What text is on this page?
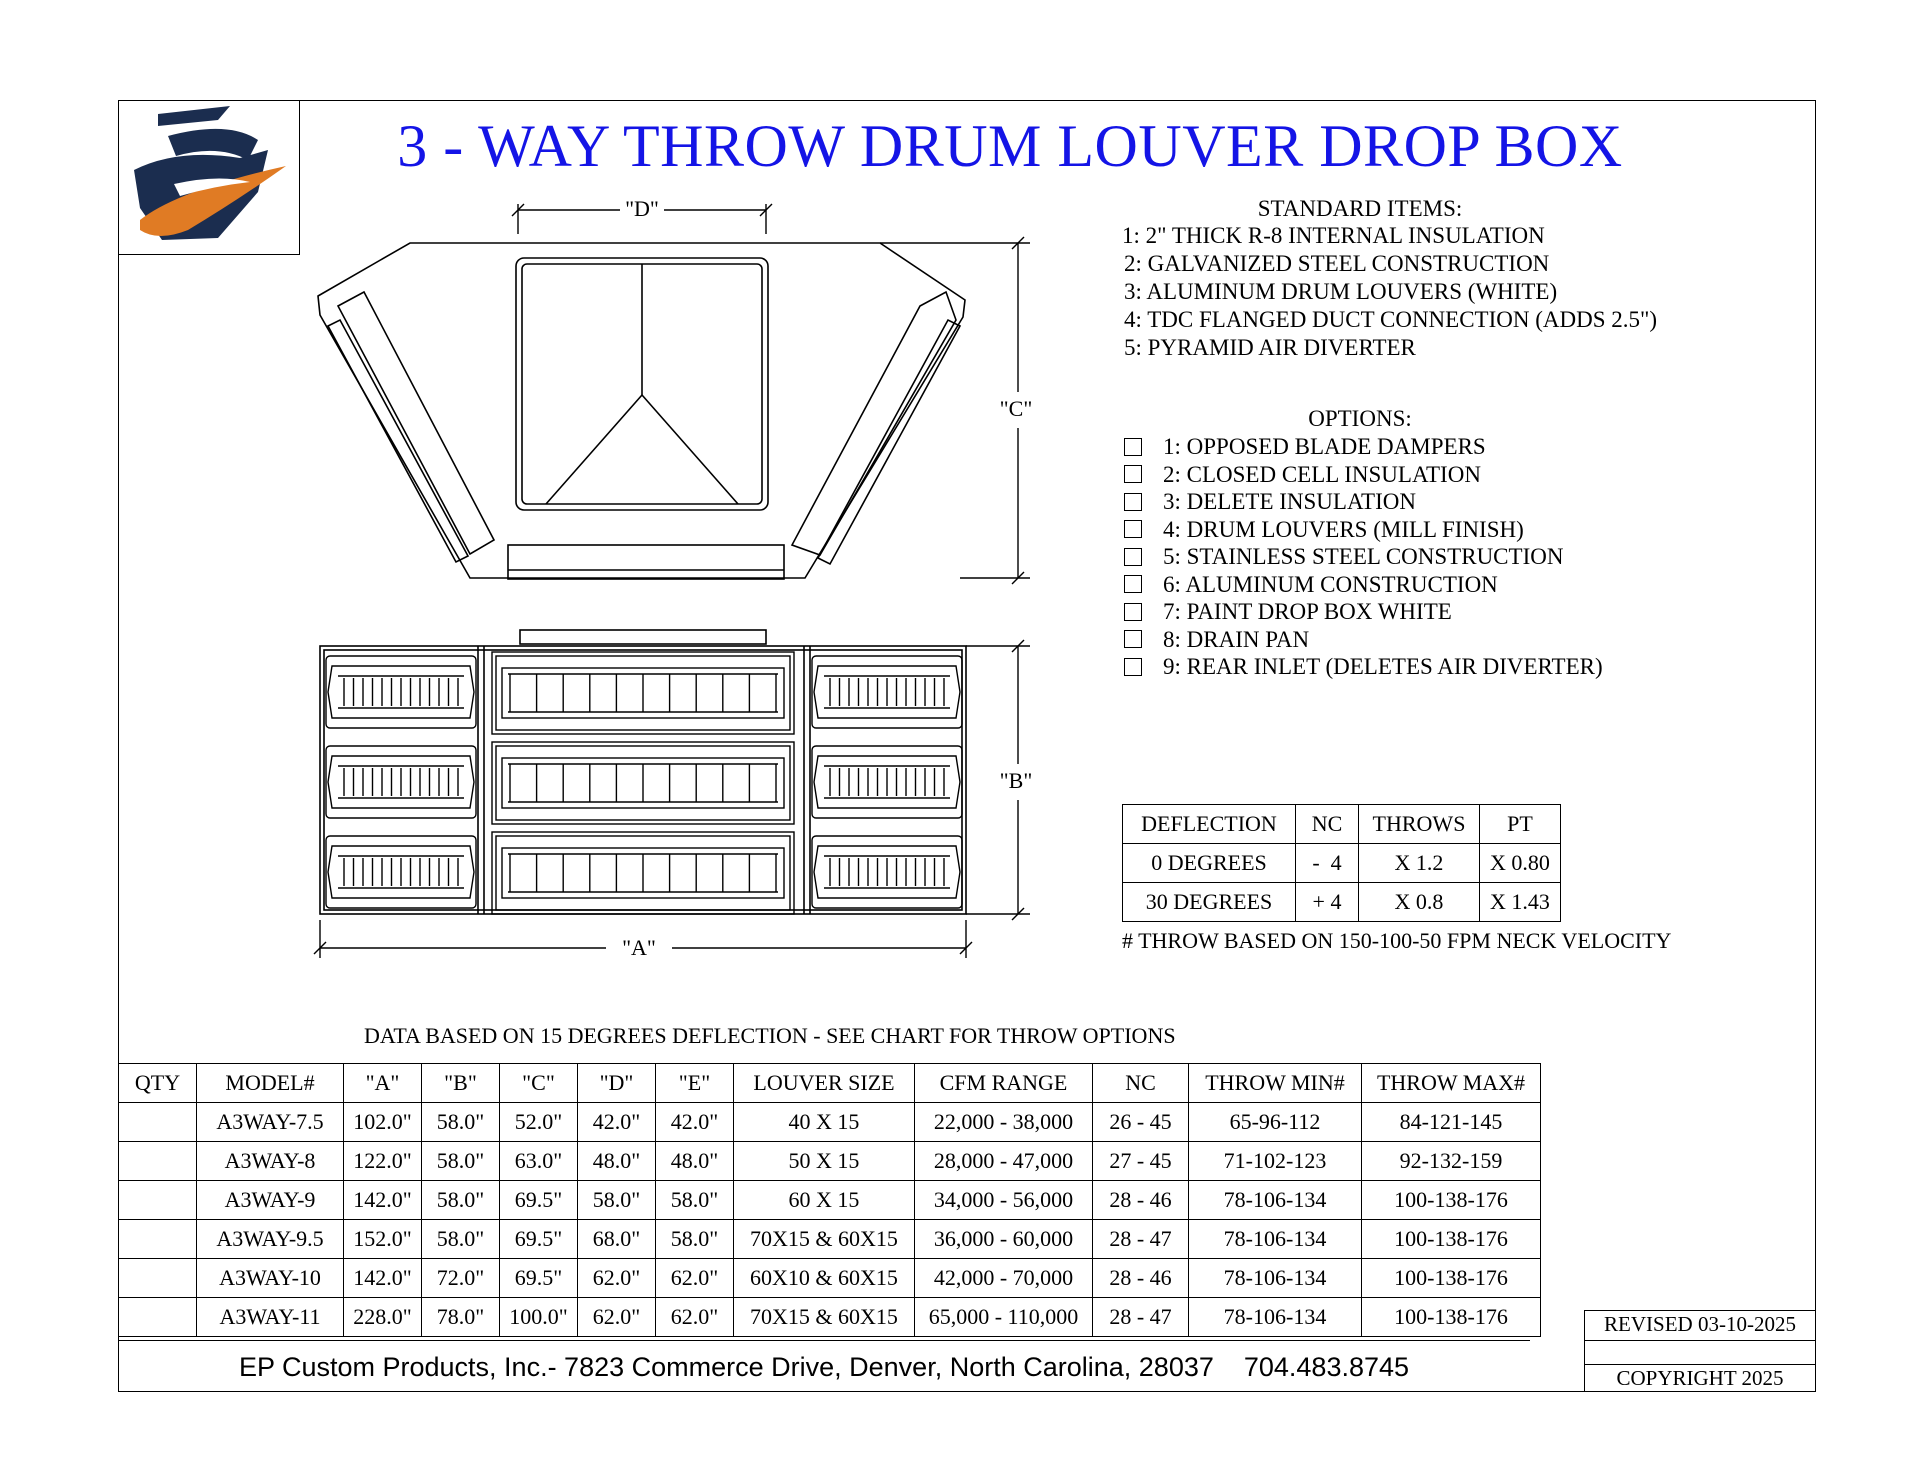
3 - WAY THROW DRUM LOUVER DROP BOX
"D"
"C"
"B"
"A"
STANDARD ITEMS:
1: 2" THICK R-8 INTERNAL INSULATION
2: GALVANIZED STEEL CONSTRUCTION
3: ALUMINUM DRUM LOUVERS (WHITE)
4: TDC FLANGED DUCT CONNECTION (ADDS 2.5")
5: PYRAMID AIR DIVERTER
OPTIONS:
1: OPPOSED BLADE DAMPERS
2: CLOSED CELL INSULATION
3: DELETE INSULATION
4: DRUM LOUVERS (MILL FINISH)
5: STAINLESS STEEL CONSTRUCTION
6: ALUMINUM CONSTRUCTION
7: PAINT DROP BOX WHITE
8: DRAIN PAN
9: REAR INLET (DELETES AIR DIVERTER)
DEFLECTION	NC	THROWS	PT
0 DEGREES	-  4	X 1.2	X 0.80
30 DEGREES	+ 4	X 0.8	X 1.43
# THROW BASED ON 150-100-50 FPM NECK VELOCITY
DATA BASED ON 15 DEGREES DEFLECTION - SEE CHART FOR THROW OPTIONS
QTY	MODEL#	"A"	"B"	"C"	"D"	"E"	LOUVER SIZE	CFM RANGE	NC	THROW MIN#	THROW MAX#
	A3WAY-7.5	102.0"	58.0"	52.0"	42.0"	42.0"	40 X 15	22,000 - 38,000	26 - 45	65-96-112	84-121-145
	A3WAY-8	122.0"	58.0"	63.0"	48.0"	48.0"	50 X 15	28,000 - 47,000	27 - 45	71-102-123	92-132-159
	A3WAY-9	142.0"	58.0"	69.5"	58.0"	58.0"	60 X 15	34,000 - 56,000	28 - 46	78-106-134	100-138-176
	A3WAY-9.5	152.0"	58.0"	69.5"	68.0"	58.0"	70X15 & 60X15	36,000 - 60,000	28 - 47	78-106-134	100-138-176
	A3WAY-10	142.0"	72.0"	69.5"	62.0"	62.0"	60X10 & 60X15	42,000 - 70,000	28 - 46	78-106-134	100-138-176
	A3WAY-11	228.0"	78.0"	100.0"	62.0"	62.0"	70X15 & 60X15	65,000 - 110,000	28 - 47	78-106-134	100-138-176
EP Custom Products, Inc.- 7823 Commerce Drive, Denver, North Carolina, 28037    704.483.8745
REVISED 03-10-2025
COPYRIGHT 2025
